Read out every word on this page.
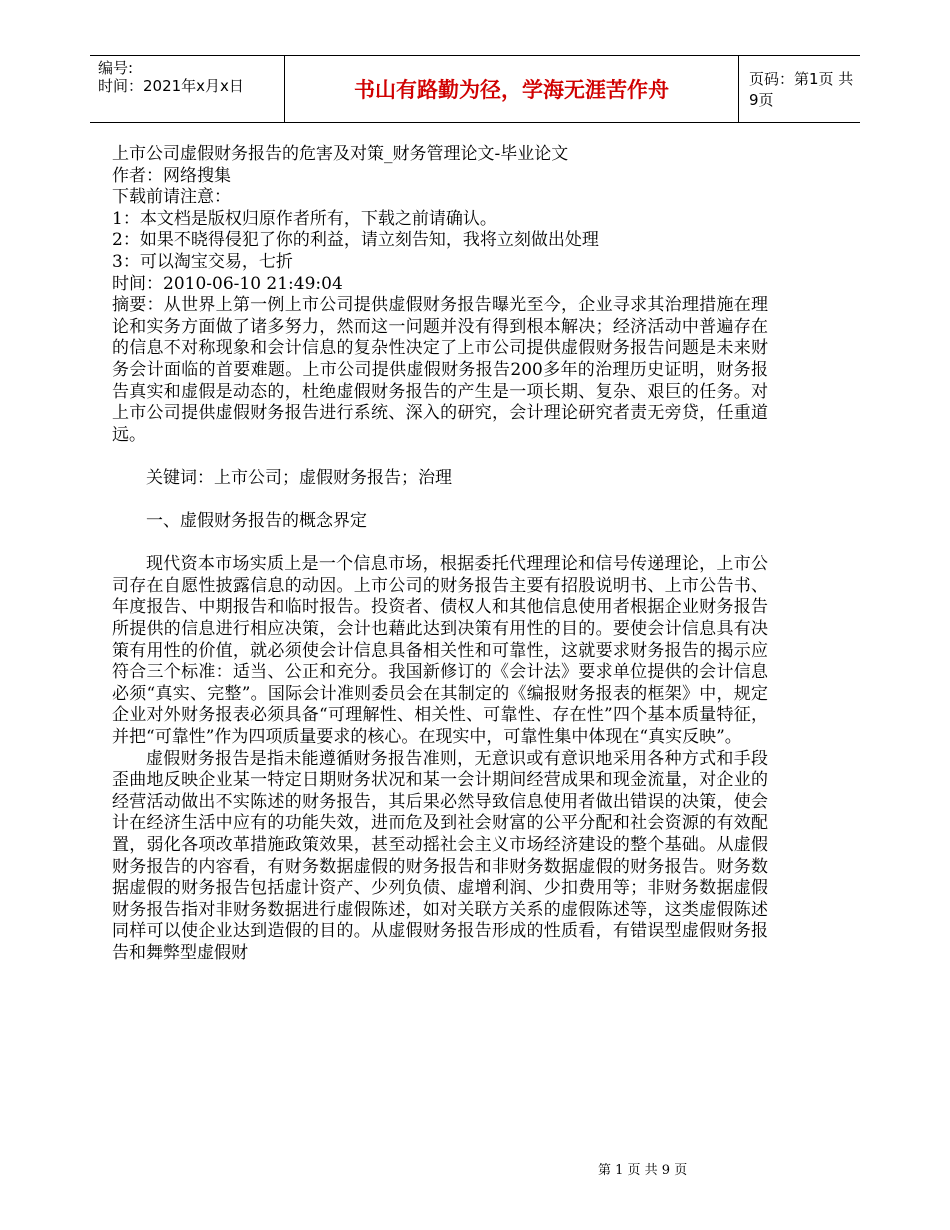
编号:
时间：2021年x月x日	书山有路勤为径，学海无涯苦作舟	页码：第1页 共9页

上市公司虚假财务报告的危害及对策_财务管理论文-毕业论文

作者：网络搜集

下载前请注意：

1：本文档是版权归原作者所有，下载之前请确认。

2：如果不晓得侵犯了你的利益，请立刻告知，我将立刻做出处理

3：可以淘宝交易，七折

时间：2010-06-10 21:49:04

摘要：从世界上第一例上市公司提供虚假财务报告曝光至今，企业寻求其治理措施在理论和实务方面做了诸多努力，然而这一问题并没有得到根本解决；经济活动中普遍存在的信息不对称现象和会计信息的复杂性决定了上市公司提供虚假财务报告问题是未来财务会计面临的首要难题。上市公司提供虚假财务报告200多年的治理历史证明，财务报告真实和虚假是动态的，杜绝虚假财务报告的产生是一项长期、复杂、艰巨的任务。对上市公司提供虚假财务报告进行系统、深入的研究，会计理论研究者责无旁贷，任重道远。

关键词：上市公司；虚假财务报告；治理

一、虚假财务报告的概念界定

现代资本市场实质上是一个信息市场，根据委托代理理论和信号传递理论，上市公司存在自愿性披露信息的动因。上市公司的财务报告主要有招股说明书、上市公告书、年度报告、中期报告和临时报告。投资者、债权人和其他信息使用者根据企业财务报告所提供的信息进行相应决策，会计也藉此达到决策有用性的目的。要使会计信息具有决策有用性的价值，就必须使会计信息具备相关性和可靠性，这就要求财务报告的揭示应符合三个标准：适当、公正和充分。我国新修订的《会计法》要求单位提供的会计信息必须“真实、完整”。国际会计准则委员会在其制定的《编报财务报表的框架》中，规定企业对外财务报表必须具备“可理解性、相关性、可靠性、存在性”四个基本质量特征，并把“可靠性”作为四项质量要求的核心。在现实中，可靠性集中体现在“真实反映”。

虚假财务报告是指未能遵循财务报告准则，无意识或有意识地采用各种方式和手段歪曲地反映企业某一特定日期财务状况和某一会计期间经营成果和现金流量，对企业的经营活动做出不实陈述的财务报告，其后果必然导致信息使用者做出错误的决策，使会计在经济生活中应有的功能失效，进而危及到社会财富的公平分配和社会资源的有效配置，弱化各项改革措施政策效果，甚至动摇社会主义市场经济建设的整个基础。从虚假财务报告的内容看，有财务数据虚假的财务报告和非财务数据虚假的财务报告。财务数据虚假的财务报告包括虚计资产、少列负债、虚增利润、少扣费用等；非财务数据虚假财务报告指对非财务数据进行虚假陈述，如对关联方关系的虚假陈述等，这类虚假陈述同样可以使企业达到造假的目的。从虚假财务报告形成的性质看，有错误型虚假财务报告和舞弊型虚假财

第 1 页 共 9 页
